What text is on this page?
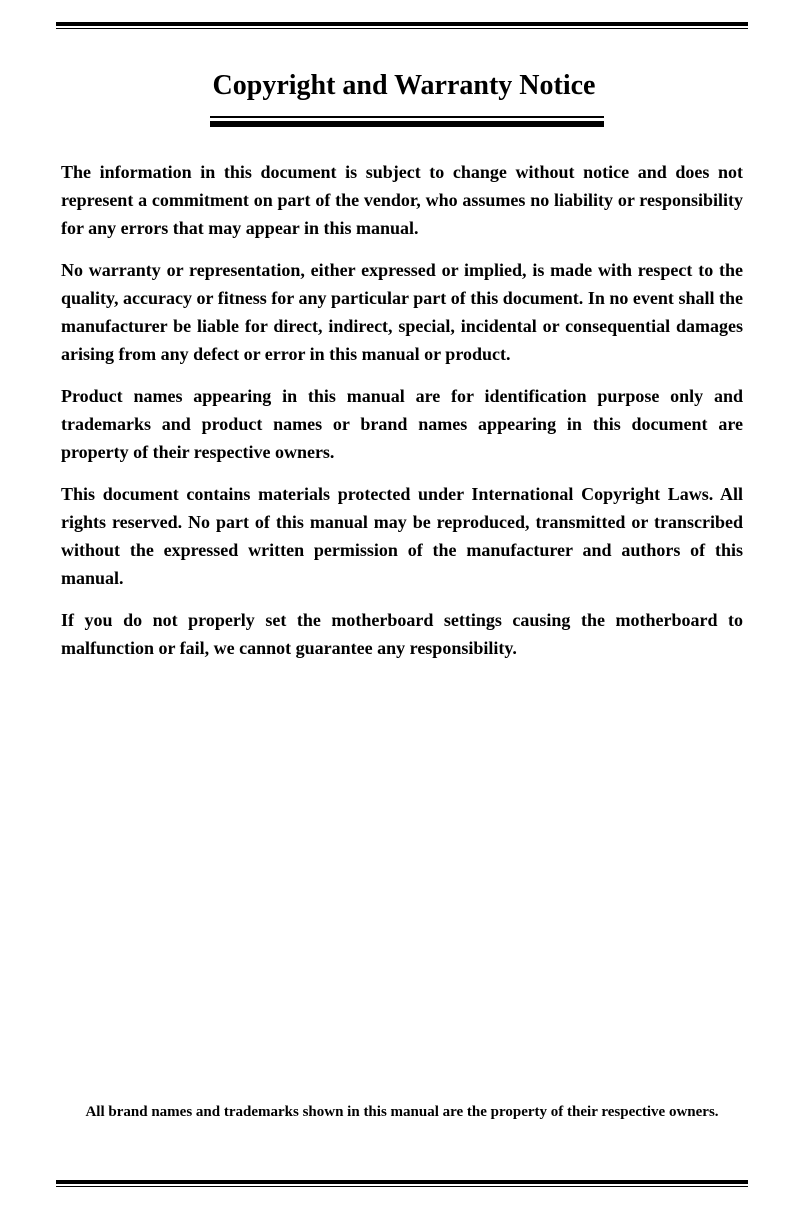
Copyright and Warranty Notice

The information in this document is subject to change without notice and does not represent a commitment on part of the vendor, who assumes no liability or responsibility for any errors that may appear in this manual.

No warranty or representation, either expressed or implied, is made with respect to the quality, accuracy or fitness for any particular part of this document. In no event shall the manufacturer be liable for direct, indirect, special, incidental or consequential damages arising from any defect or error in this manual or product.

Product names appearing in this manual are for identification purpose only and trademarks and product names or brand names appearing in this document are property of their respective owners.

This document contains materials protected under International Copyright Laws. All rights reserved. No part of this manual may be reproduced, transmitted or transcribed without the expressed written permission of the manufacturer and authors of this manual.

If you do not properly set the motherboard settings causing the motherboard to malfunction or fail, we cannot guarantee any responsibility.

All brand names and trademarks shown in this manual are the property of their respective owners.
